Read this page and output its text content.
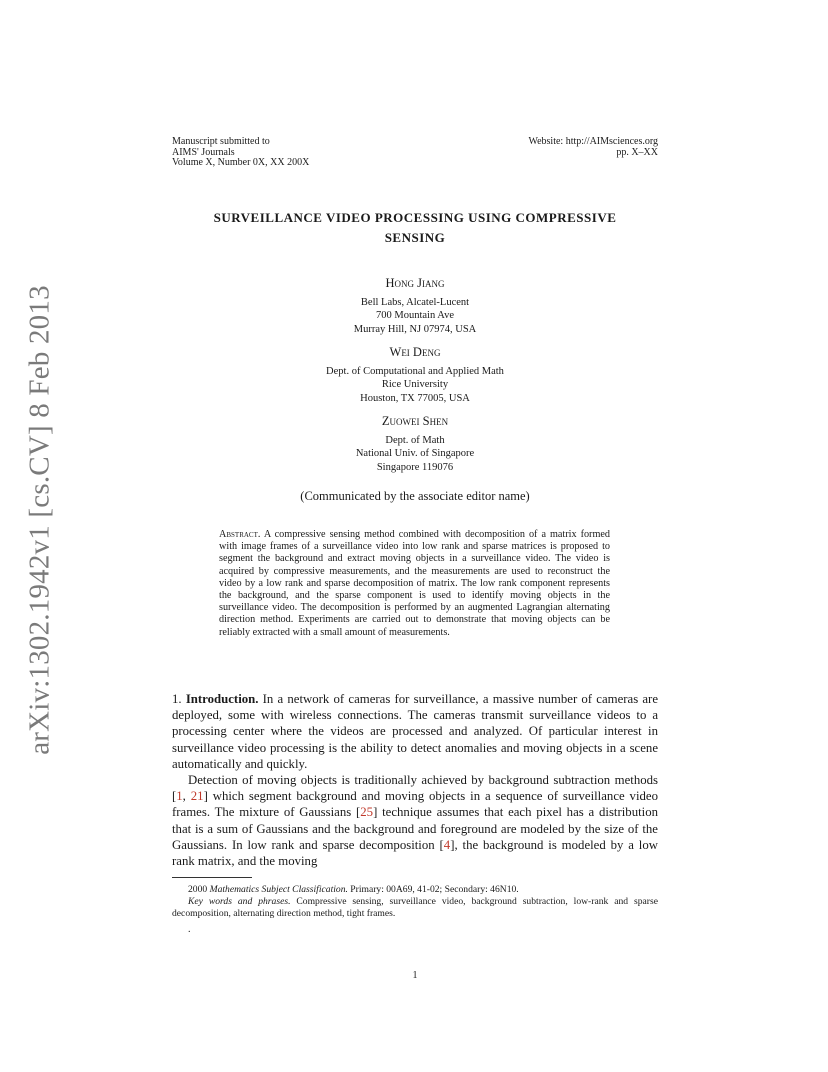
arXiv:1302.1942v1 [cs.CV] 8 Feb 2013
Manuscript submitted to
AIMS' Journals
Volume X, Number 0X, XX 200X
Website: http://AIMsciences.org
pp. X–XX
SURVEILLANCE VIDEO PROCESSING USING COMPRESSIVE
SENSING
Hong Jiang
Bell Labs, Alcatel-Lucent
700 Mountain Ave
Murray Hill, NJ 07974, USA
Wei Deng
Dept. of Computational and Applied Math
Rice University
Houston, TX 77005, USA
Zuowei Shen
Dept. of Math
National Univ. of Singapore
Singapore 119076
(Communicated by the associate editor name)
Abstract. A compressive sensing method combined with decomposition of a matrix formed with image frames of a surveillance video into low rank and sparse matrices is proposed to segment the background and extract moving objects in a surveillance video. The video is acquired by compressive measurements, and the measurements are used to reconstruct the video by a low rank and sparse decomposition of matrix. The low rank component represents the background, and the sparse component is used to identify moving objects in the surveillance video. The decomposition is performed by an augmented Lagrangian alternating direction method. Experiments are carried out to demonstrate that moving objects can be reliably extracted with a small amount of measurements.

1. Introduction. In a network of cameras for surveillance, a massive number of cameras are deployed, some with wireless connections. The cameras transmit surveillance videos to a processing center where the videos are processed and analyzed. Of particular interest in surveillance video processing is the ability to detect anomalies and moving objects in a scene automatically and quickly.

Detection of moving objects is traditionally achieved by background subtraction methods [1, 21] which segment background and moving objects in a sequence of surveillance video frames. The mixture of Gaussians [25] technique assumes that each pixel has a distribution that is a sum of Gaussians and the background and foreground are modeled by the size of the Gaussians. In low rank and sparse decomposition [4], the background is modeled by a low rank matrix, and the moving

2000 Mathematics Subject Classification. Primary: 00A69, 41-02; Secondary: 46N10.

Key words and phrases. Compressive sensing, surveillance video, background subtraction, low-rank and sparse decomposition, alternating direction method, tight frames.

.
1
